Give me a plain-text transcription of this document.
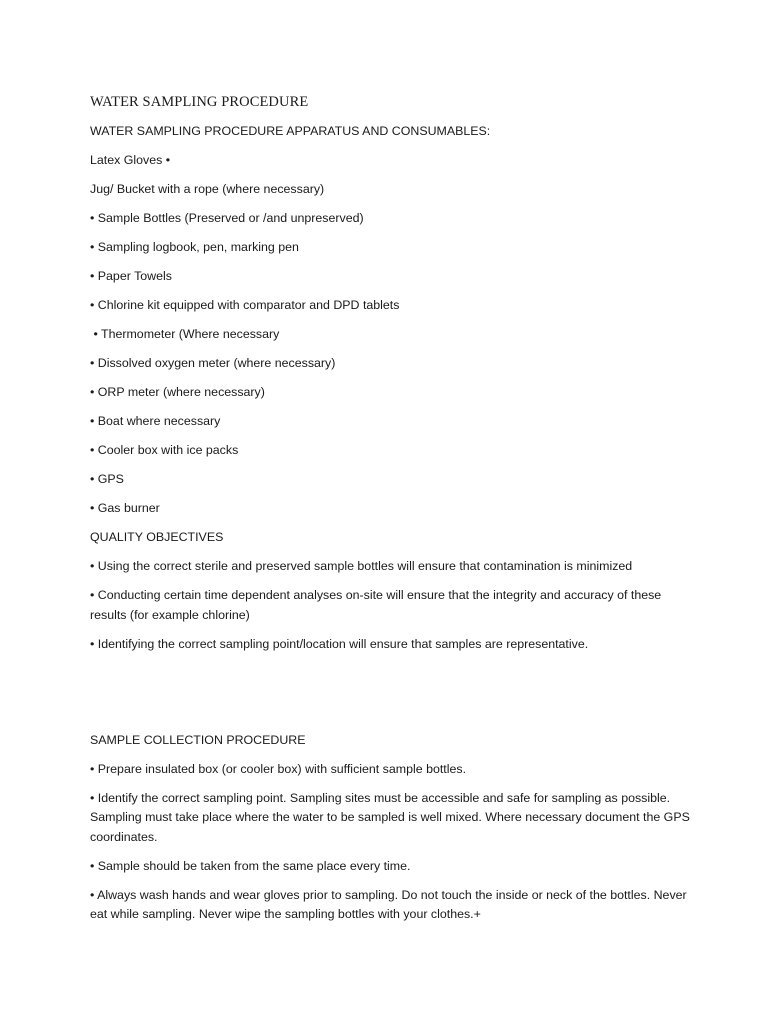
WATER SAMPLING PROCEDURE

WATER SAMPLING PROCEDURE APPARATUS AND CONSUMABLES:

Latex Gloves •

Jug/ Bucket with a rope (where necessary)

• Sample Bottles (Preserved or /and unpreserved)

• Sampling logbook, pen, marking pen

• Paper Towels

• Chlorine kit equipped with comparator and DPD tablets

• Thermometer (Where necessary

• Dissolved oxygen meter (where necessary)

• ORP meter (where necessary)

• Boat where necessary

• Cooler box with ice packs

• GPS

• Gas burner

QUALITY OBJECTIVES

• Using the correct sterile and preserved sample bottles will ensure that contamination is minimized

• Conducting certain time dependent analyses on-site will ensure that the integrity and accuracy of these results (for example chlorine)

• Identifying the correct sampling point/location will ensure that samples are representative.

SAMPLE COLLECTION PROCEDURE

• Prepare insulated box (or cooler box) with sufficient sample bottles.

• Identify the correct sampling point. Sampling sites must be accessible and safe for sampling as possible. Sampling must take place where the water to be sampled is well mixed. Where necessary document the GPS coordinates.

• Sample should be taken from the same place every time.

• Always wash hands and wear gloves prior to sampling. Do not touch the inside or neck of the bottles. Never eat while sampling. Never wipe the sampling bottles with your clothes.+
